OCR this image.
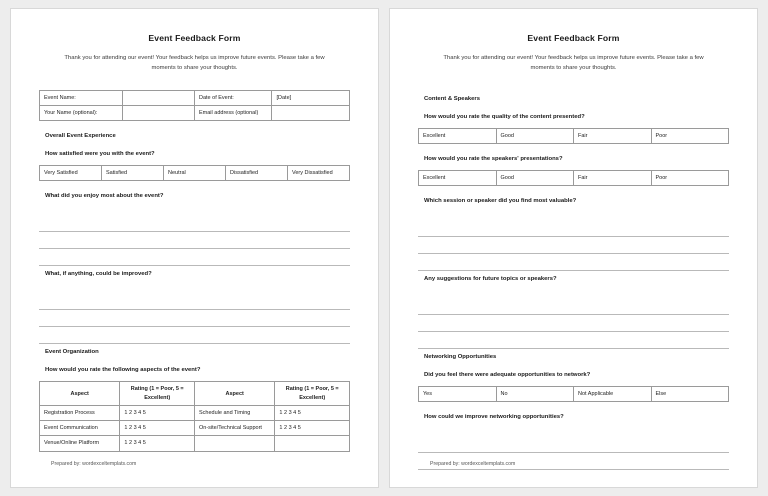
Event Feedback Form
Thank you for attending our event! Your feedback helps us improve future events. Please take a few moments to share your thoughts.
Event Name:		Date of Event:	[Date]
Your Name (optional):		Email address (optional)	
Overall Event Experience
How satisfied were you with the event?
Very Satisfied	Satisfied	Neutral	Dissatisfied	Very Dissatisfied
What did you enjoy most about the event?
What, if anything, could be improved?
Event Organization
How would you rate the following aspects of the event?
Aspect	Rating (1 = Poor, 5 = Excellent)	Aspect	Rating (1 = Poor, 5 = Excellent)
Registration Process	1 2 3 4 5	Schedule and Timing	1 2 3 4 5
Event Communication	1 2 3 4 5	On-site/Technical Support	1 2 3 4 5
Venue/Online Platform	1 2 3 4 5		
Prepared by: wordexceltemplats.com
Event Feedback Form
Thank you for attending our event! Your feedback helps us improve future events. Please take a few moments to share your thoughts.
Content & Speakers
How would you rate the quality of the content presented?
Excellent	Good	Fair	Poor
How would you rate the speakers' presentations?
Excellent	Good	Fair	Poor
Which session or speaker did you find most valuable?
Any suggestions for future topics or speakers?
Networking Opportunities
Did you feel there were adequate opportunities to network?
Yes	No	Not Applicable	Else
How could we improve networking opportunities?
Prepared by: wordexceltemplats.com
